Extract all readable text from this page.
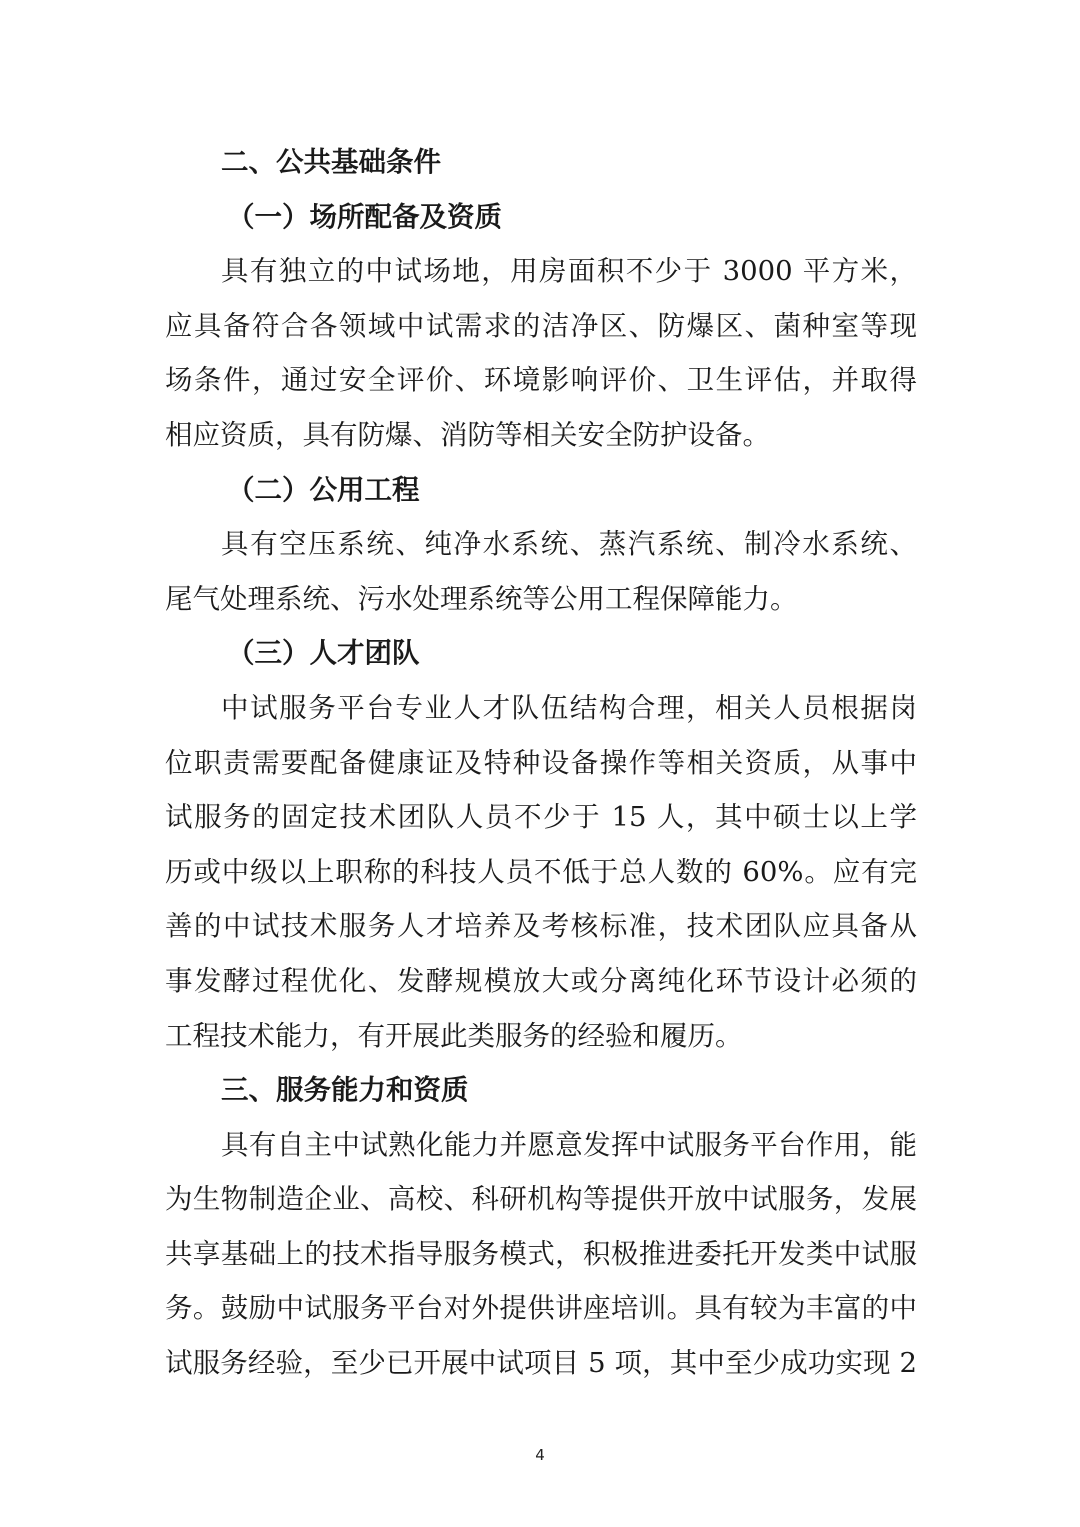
二、公共基础条件
（一）场所配备及资质
具有独立的中试场地，用房面积不少于 3000 平方米，
应具备符合各领域中试需求的洁净区、防爆区、菌种室等现
场条件，通过安全评价、环境影响评价、卫生评估，并取得
相应资质，具有防爆、消防等相关安全防护设备。
（二）公用工程
具有空压系统、纯净水系统、蒸汽系统、制冷水系统、
尾气处理系统、污水处理系统等公用工程保障能力。
（三）人才团队
中试服务平台专业人才队伍结构合理，相关人员根据岗
位职责需要配备健康证及特种设备操作等相关资质，从事中
试服务的固定技术团队人员不少于 15 人，其中硕士以上学
历或中级以上职称的科技人员不低于总人数的 60%。应有完
善的中试技术服务人才培养及考核标准，技术团队应具备从
事发酵过程优化、发酵规模放大或分离纯化环节设计必须的
工程技术能力，有开展此类服务的经验和履历。
三、服务能力和资质
具有自主中试熟化能力并愿意发挥中试服务平台作用，能
为生物制造企业、高校、科研机构等提供开放中试服务，发展
共享基础上的技术指导服务模式，积极推进委托开发类中试服
务。鼓励中试服务平台对外提供讲座培训。具有较为丰富的中
试服务经验，至少已开展中试项目 5 项，其中至少成功实现 2
4
